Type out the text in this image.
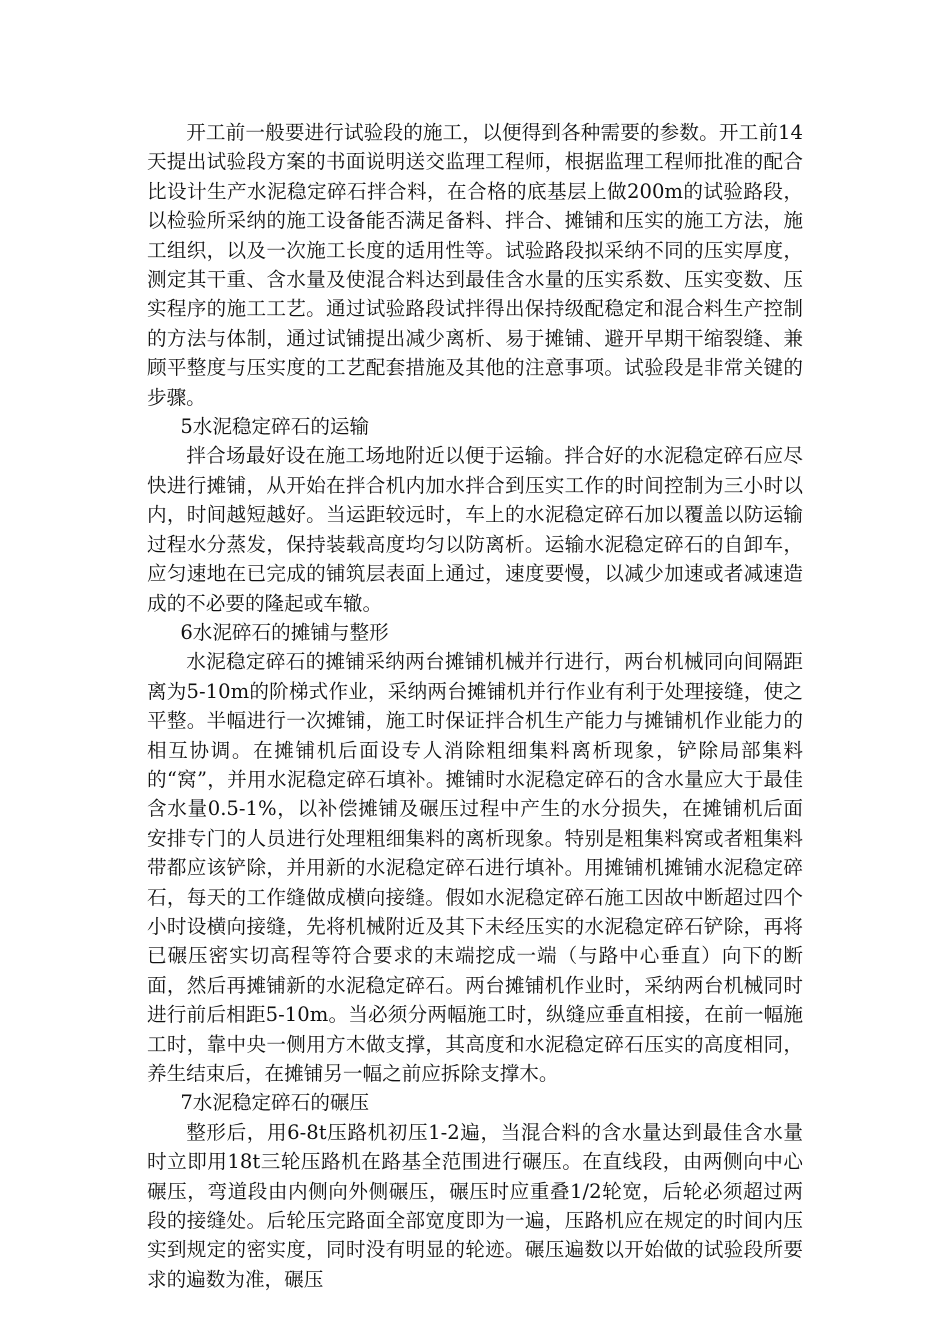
开工前一般要进行试验段的施工，以便得到各种需要的参数。开工前14天提出试验段方案的书面说明送交监理工程师，根据监理工程师批准的配合比设计生产水泥稳定碎石拌合料，在合格的底基层上做200m的试验路段，以检验所采纳的施工设备能否满足备料、拌合、摊铺和压实的施工方法，施工组织，以及一次施工长度的适用性等。试验路段拟采纳不同的压实厚度，测定其干重、含水量及使混合料达到最佳含水量的压实系数、压实变数、压实程序的施工工艺。通过试验路段试拌得出保持级配稳定和混合料生产控制的方法与体制，通过试铺提出减少离析、易于摊铺、避开早期干缩裂缝、兼顾平整度与压实度的工艺配套措施及其他的注意事项。试验段是非常关键的步骤。

5水泥稳定碎石的运输

拌合场最好设在施工场地附近以便于运输。拌合好的水泥稳定碎石应尽快进行摊铺，从开始在拌合机内加水拌合到压实工作的时间控制为三小时以内，时间越短越好。当运距较远时，车上的水泥稳定碎石加以覆盖以防运输过程水分蒸发，保持装载高度均匀以防离析。运输水泥稳定碎石的自卸车，应匀速地在已完成的铺筑层表面上通过，速度要慢，以减少加速或者减速造成的不必要的隆起或车辙。

6水泥碎石的摊铺与整形

水泥稳定碎石的摊铺采纳两台摊铺机械并行进行，两台机械同向间隔距离为5-10m的阶梯式作业，采纳两台摊铺机并行作业有利于处理接缝，使之平整。半幅进行一次摊铺，施工时保证拌合机生产能力与摊铺机作业能力的相互协调。在摊铺机后面设专人消除粗细集料离析现象，铲除局部集料的“窝”，并用水泥稳定碎石填补。摊铺时水泥稳定碎石的含水量应大于最佳含水量0.5-1%，以补偿摊铺及碾压过程中产生的水分损失，在摊铺机后面安排专门的人员进行处理粗细集料的离析现象。特别是粗集料窝或者粗集料带都应该铲除，并用新的水泥稳定碎石进行填补。用摊铺机摊铺水泥稳定碎石，每天的工作缝做成横向接缝。假如水泥稳定碎石施工因故中断超过四个小时设横向接缝，先将机械附近及其下未经压实的水泥稳定碎石铲除，再将已碾压密实切高程等符合要求的末端挖成一端（与路中心垂直）向下的断面，然后再摊铺新的水泥稳定碎石。两台摊铺机作业时，采纳两台机械同时进行前后相距5-10m。当必须分两幅施工时，纵缝应垂直相接，在前一幅施工时，靠中央一侧用方木做支撑，其高度和水泥稳定碎石压实的高度相同，养生结束后，在摊铺另一幅之前应拆除支撑木。

7水泥稳定碎石的碾压

整形后，用6-8t压路机初压1-2遍，当混合料的含水量达到最佳含水量时立即用18t三轮压路机在路基全范围进行碾压。在直线段，由两侧向中心碾压，弯道段由内侧向外侧碾压，碾压时应重叠1/2轮宽，后轮必须超过两段的接缝处。后轮压完路面全部宽度即为一遍，压路机应在规定的时间内压实到规定的密实度，同时没有明显的轮迹。碾压遍数以开始做的试验段所要求的遍数为准，碾压
